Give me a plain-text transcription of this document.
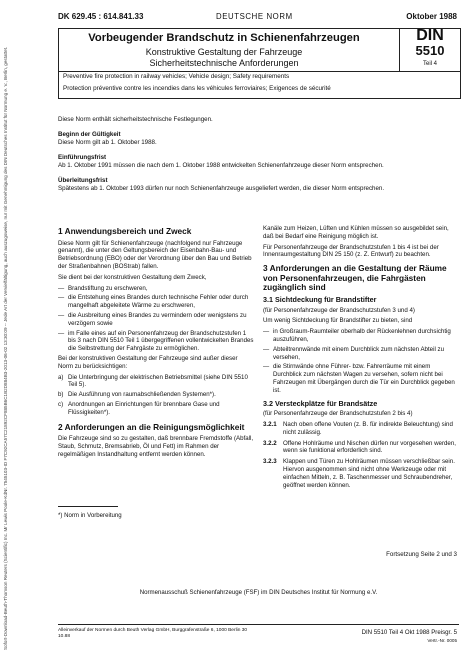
DK 629.45 : 614.841.33	DEUTSCHE NORM	Oktober 1988
Vorbeugender Brandschutz in Schienenfahrzeugen
Konstruktive Gestaltung der Fahrzeuge
Sicherheitstechnische Anforderungen
DIN
5510
Teil 4
Preventive fire protection in railway vehicles; Vehicle design; Safety requirements
Protection préventive contre les incendies dans les véhicules ferroviaires; Exigences de sécurité
Diese Norm enthält sicherheitstechnische Festlegungen.
Beginn der Gültigkeit
Diese Norm gilt ab 1. Oktober 1988.
Einführungsfrist
Ab 1. Oktober 1991 müssen die nach dem 1. Oktober 1988 entwickelten Schienenfahrzeuge dieser Norm entsprechen.
Überleitungsfrist
Spätestens ab 1. Oktober 1993 dürfen nur noch Schienenfahrzeuge ausgeliefert werden, die dieser Norm entsprechen.
1 Anwendungsbereich und Zweck
Diese Norm gilt für Schienenfahrzeuge (nachfolgend nur Fahrzeuge genannt), die unter den Geltungsbereich der Eisenbahn-Bau- und Betriebsordnung (EBO) oder der Verordnung über den Bau und Betrieb der Straßenbahnen (BOStrab) fallen.
Sie dient bei der konstruktiven Gestaltung dem Zweck,
— Brandstiftung zu erschweren,
— die Entstehung eines Brandes durch technische Fehler oder durch mangelhaft abgeleitete Wärme zu erschweren,
— die Ausbreitung eines Brandes zu vermindern oder wenigstens zu verzögern sowie
— im Falle eines auf ein Personenfahrzeug der Brandschutzstufen 1 bis 3 nach DIN 5510 Teil 1 übergegriffenen vollentwickelten Brandes die Selbstrettung der Fahrgäste zu ermöglichen.
Bei der konstruktiven Gestaltung der Fahrzeuge sind außer dieser Norm zu berücksichtigen:
a) Die Unterbringung der elektrischen Betriebsmittel (siehe DIN 5510 Teil 5).
b) Die Ausführung von raumabschließenden Systemen*).
c) Anordnungen an Einrichtungen für brennbare Gase und Flüssigkeiten*).
2 Anforderungen an die Reinigungsmöglichkeit
Die Fahrzeuge sind so zu gestalten, daß brennbare Fremdstoffe (Abfall, Staub, Schmutz, Bremsabrieb, Öl und Fett) im Rahmen der regelmäßigen Instandhaltung entfernt werden können.
*) Norm in Vorbereitung
Kanäle zum Heizen, Lüften und Kühlen müssen so ausgebildet sein, daß bei Bedarf eine Reinigung möglich ist.
Für Personenfahrzeuge der Brandschutzstufen 1 bis 4 ist bei der Innenraumgestaltung DIN 25 150 (z. Z. Entwurf) zu beachten.
3 Anforderungen an die Gestaltung der Räume von Personenfahrzeugen, die Fahrgästen zugänglich sind
3.1 Sichtdeckung für Brandstifter
(für Personenfahrzeuge der Brandschutzstufen 3 und 4)
Um wenig Sichtdeckung für Brandstifter zu bieten, sind
— in Großraum-Raumteiler oberhalb der Rückenlehnen durchsichtig auszuführen,
— Abteiltrennwände mit einem Durchblick zum nächsten Abteil zu versehen,
— die Stirnwände ohne Führer- bzw. Fahrerräume mit einem Durchblick zum nächsten Wagen zu versehen, sofern nicht bei Fahrzeugen mit Übergängen durch die Tür ein Durchblick gegeben ist.
3.2 Versteckplätze für Brandsätze
(für Personenfahrzeuge der Brandschutzstufen 2 bis 4)
3.2.1	Nach oben offene Vouten (z. B. für indirekte Beleuchtung) sind nicht zulässig.
3.2.2	Offene Hohlräume und Nischen dürfen nur vorgesehen werden, wenn sie funktional erforderlich sind.
3.2.3	Klappen und Türen zu Hohlräumen müssen verschließbar sein. Hiervon ausgenommen sind nicht ohne Werkzeuge oder mit einfachen Mitteln, z. B. Taschenmesser und Schraubendreher, geöffnet werden können.
Fortsetzung Seite 2 und 3
Normenausschuß Schienenfahrzeuge (FSF) im DIN Deutsches Institut für Normung e.V.
Alleinverkauf der Normen durch Beuth Verlag GmbH, Burggrafenstraße 6, 1000 Berlin 30
10.88
DIN 5510 Teil 4 Okt 1988 Preisgr. 5
Vertr.-Nr. 0005
Sofort-Download-Beuth-Thomson Reuters (Scientific) Inc. Mr Lewis Poole-KdNr. 7545103-ID F7C92CA57C21892CF885B6C1B2D884B3-2013-06-02 13:30:09 -- Jede Art der Vervielfältigung, auch auszugsweise, nur mit Genehmigung des DIN Deutsches Institut für Normung e. V., Berlin, gestattet.
